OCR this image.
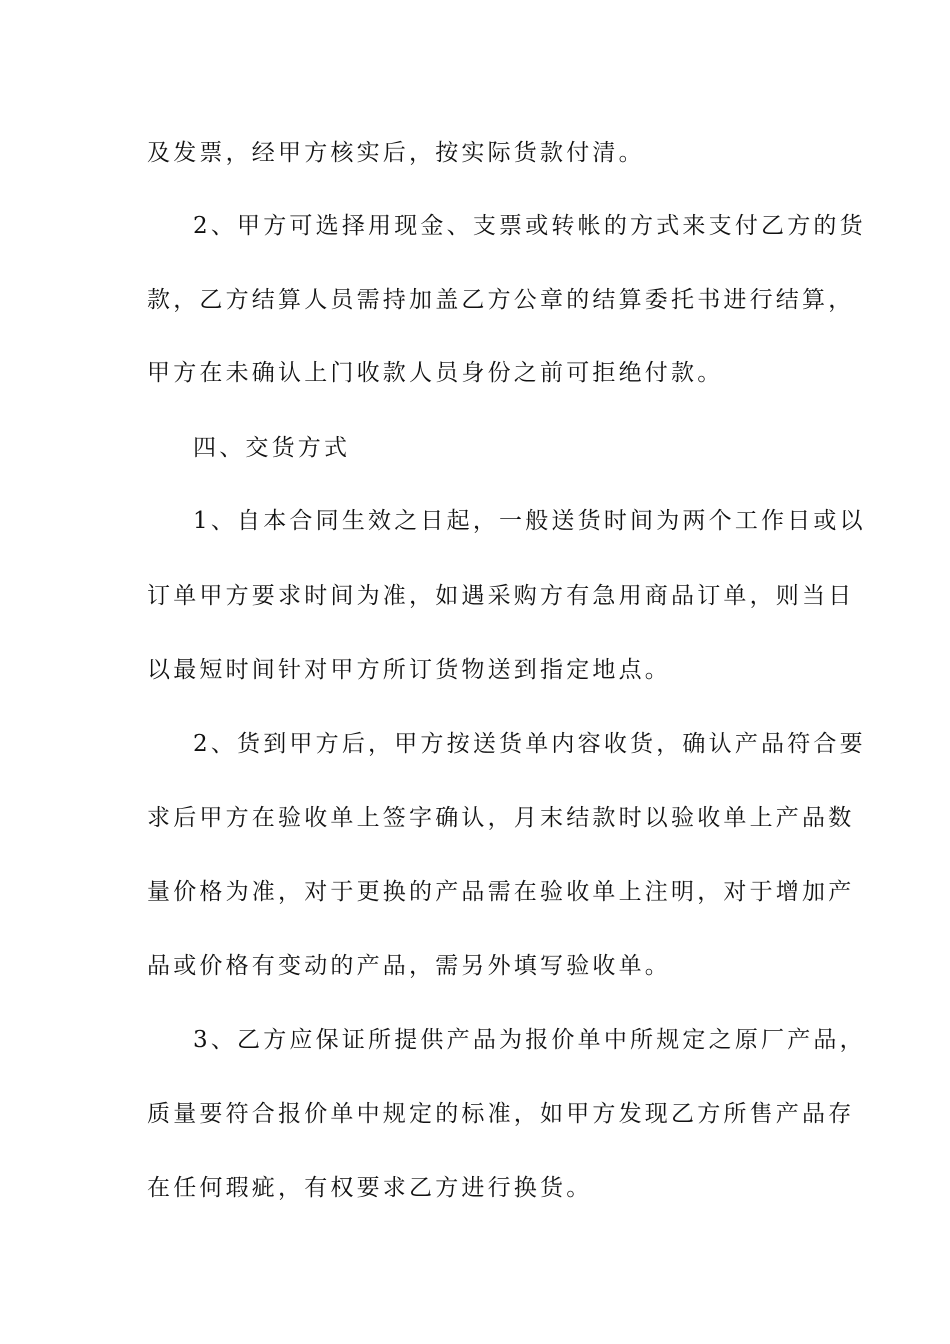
及发票，经甲方核实后，按实际货款付清。
2、甲方可选择用现金、支票或转帐的方式来支付乙方的货
款，乙方结算人员需持加盖乙方公章的结算委托书进行结算，
甲方在未确认上门收款人员身份之前可拒绝付款。
四、交货方式
1、自本合同生效之日起，一般送货时间为两个工作日或以
订单甲方要求时间为准，如遇采购方有急用商品订单，则当日
以最短时间针对甲方所订货物送到指定地点。
2、货到甲方后，甲方按送货单内容收货，确认产品符合要
求后甲方在验收单上签字确认，月末结款时以验收单上产品数
量价格为准，对于更换的产品需在验收单上注明，对于增加产
品或价格有变动的产品，需另外填写验收单。
3、乙方应保证所提供产品为报价单中所规定之原厂产品，
质量要符合报价单中规定的标准，如甲方发现乙方所售产品存
在任何瑕疵，有权要求乙方进行换货。
